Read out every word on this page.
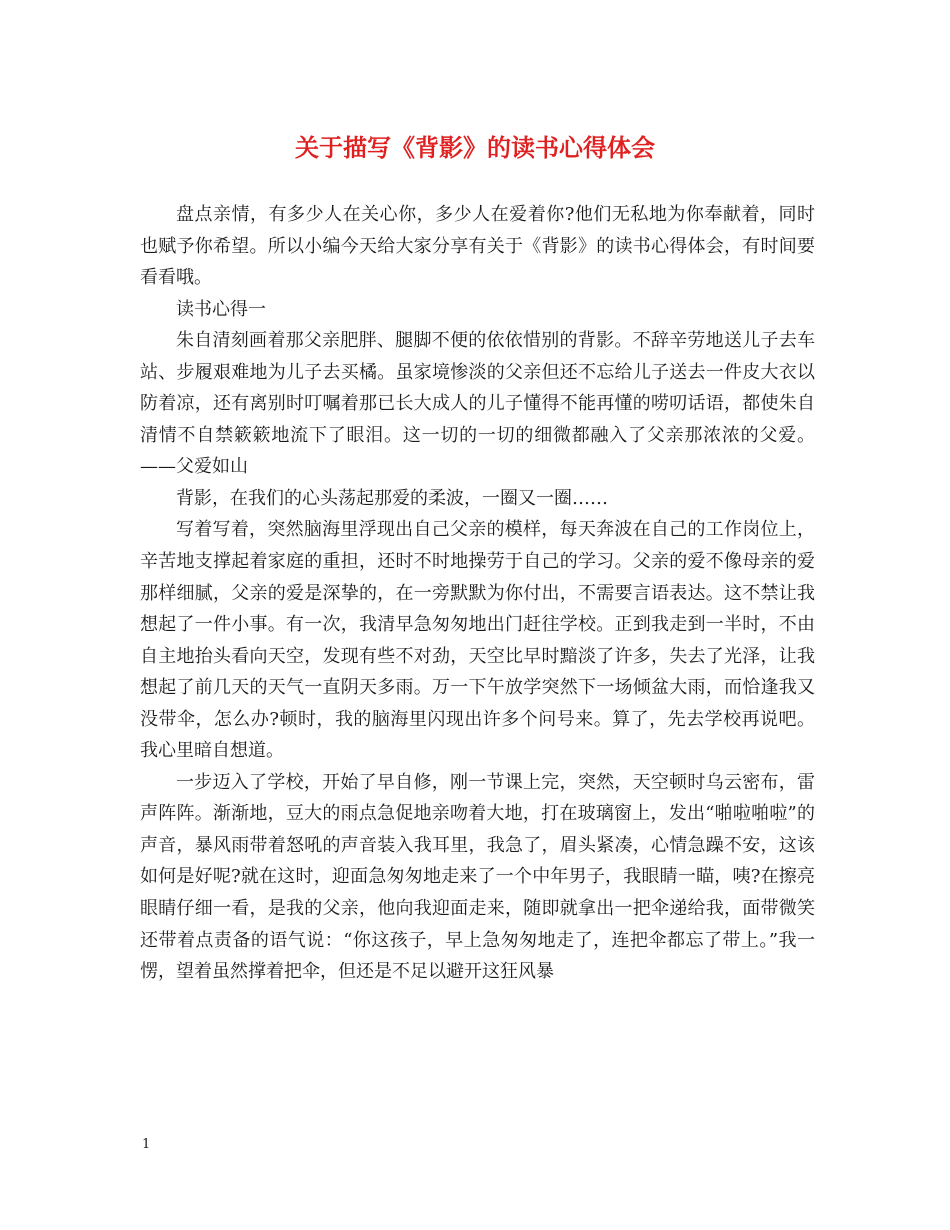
关于描写《背影》的读书心得体会

盘点亲情，有多少人在关心你，多少人在爱着你?他们无私地为你奉献着，同时也赋予你希望。所以小编今天给大家分享有关于《背影》的读书心得体会，有时间要看看哦。

读书心得一

朱自清刻画着那父亲肥胖、腿脚不便的依依惜别的背影。不辞辛劳地送儿子去车站、步履艰难地为儿子去买橘。虽家境惨淡的父亲但还不忘给儿子送去一件皮大衣以防着凉，还有离别时叮嘱着那已长大成人的儿子懂得不能再懂的唠叨话语，都使朱自清情不自禁簌簌地流下了眼泪。这一切的一切的细微都融入了父亲那浓浓的父爱。——父爱如山

背影，在我们的心头荡起那爱的柔波，一圈又一圈……

写着写着，突然脑海里浮现出自己父亲的模样，每天奔波在自己的工作岗位上，辛苦地支撑起着家庭的重担，还时不时地操劳于自己的学习。父亲的爱不像母亲的爱那样细腻，父亲的爱是深挚的，在一旁默默为你付出，不需要言语表达。这不禁让我想起了一件小事。有一次，我清早急匆匆地出门赶往学校。正到我走到一半时，不由自主地抬头看向天空，发现有些不对劲，天空比早时黯淡了许多，失去了光泽，让我想起了前几天的天气一直阴天多雨。万一下午放学突然下一场倾盆大雨，而恰逢我又没带伞，怎么办?顿时，我的脑海里闪现出许多个问号来。算了，先去学校再说吧。我心里暗自想道。

一步迈入了学校，开始了早自修，刚一节课上完，突然，天空顿时乌云密布，雷声阵阵。渐渐地，豆大的雨点急促地亲吻着大地，打在玻璃窗上，发出“啪啦啪啦”的声音，暴风雨带着怒吼的声音装入我耳里，我急了，眉头紧凑，心情急躁不安，这该如何是好呢?就在这时，迎面急匆匆地走来了一个中年男子，我眼睛一瞄，咦?在擦亮眼睛仔细一看，是我的父亲，他向我迎面走来，随即就拿出一把伞递给我，面带微笑还带着点责备的语气说：“你这孩子，早上急匆匆地走了，连把伞都忘了带上。”我一愣，望着虽然撑着把伞，但还是不足以避开这狂风暴

1
